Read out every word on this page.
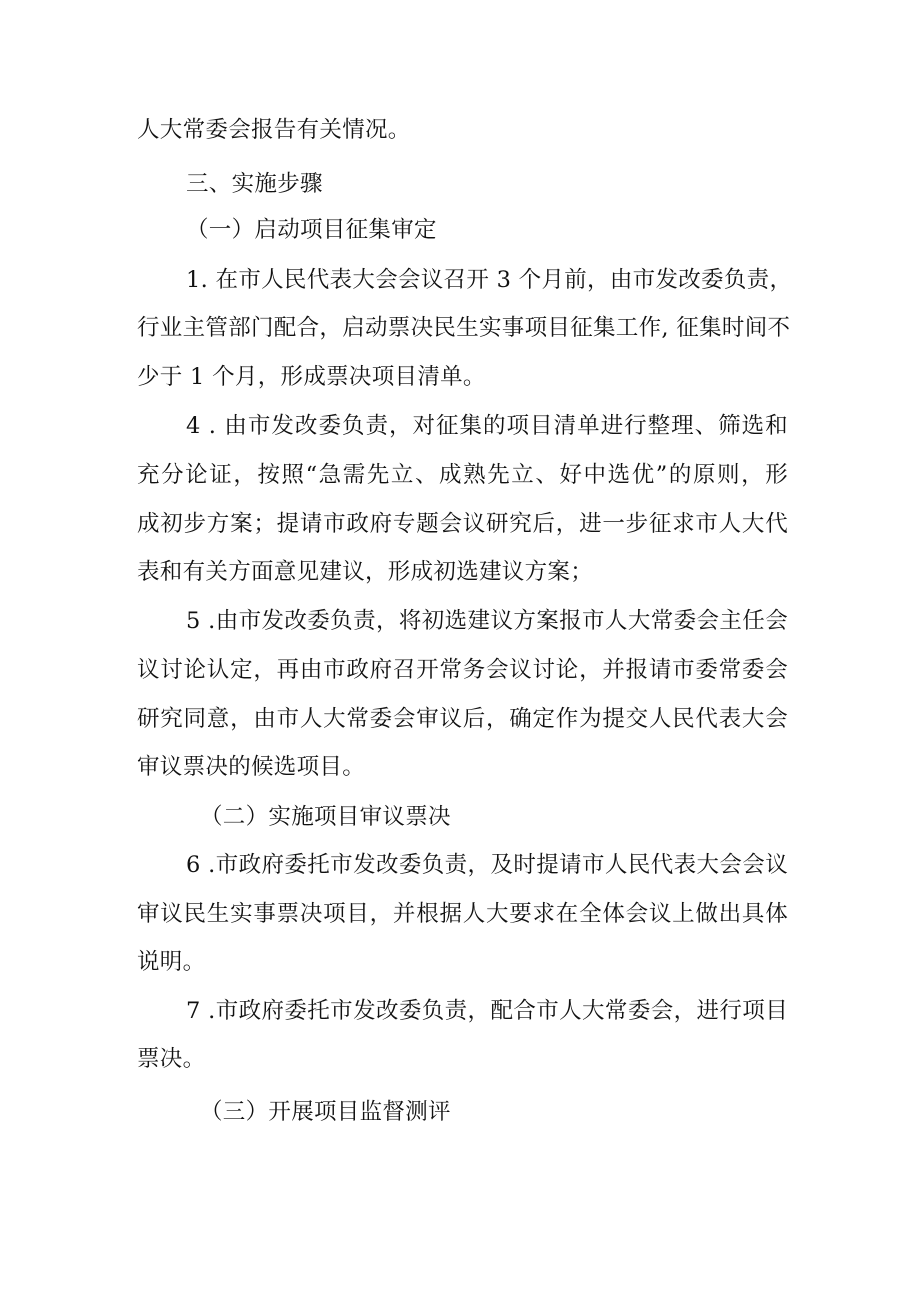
人大常委会报告有关情况。
三、实施步骤
（一）启动项目征集审定
1. 在市人民代表大会会议召开 3 个月前，由市发改委负责，
行业主管部门配合，启动票决民生实事项目征集工作, 征集时间不
少于 1 个月，形成票决项目清单。
4 . 由市发改委负责，对征集的项目清单进行整理、筛选和
充分论证，按照“急需先立、成熟先立、好中选优”的原则，形
成初步方案；提请市政府专题会议研究后，进一步征求市人大代
表和有关方面意见建议，形成初选建议方案；
5 .由市发改委负责，将初选建议方案报市人大常委会主任会
议讨论认定，再由市政府召开常务会议讨论，并报请市委常委会
研究同意，由市人大常委会审议后，确定作为提交人民代表大会
审议票决的候选项目。
（二）实施项目审议票决
6 .市政府委托市发改委负责，及时提请市人民代表大会会议
审议民生实事票决项目，并根据人大要求在全体会议上做出具体
说明。
7 .市政府委托市发改委负责，配合市人大常委会，进行项目
票决。
（三）开展项目监督测评
